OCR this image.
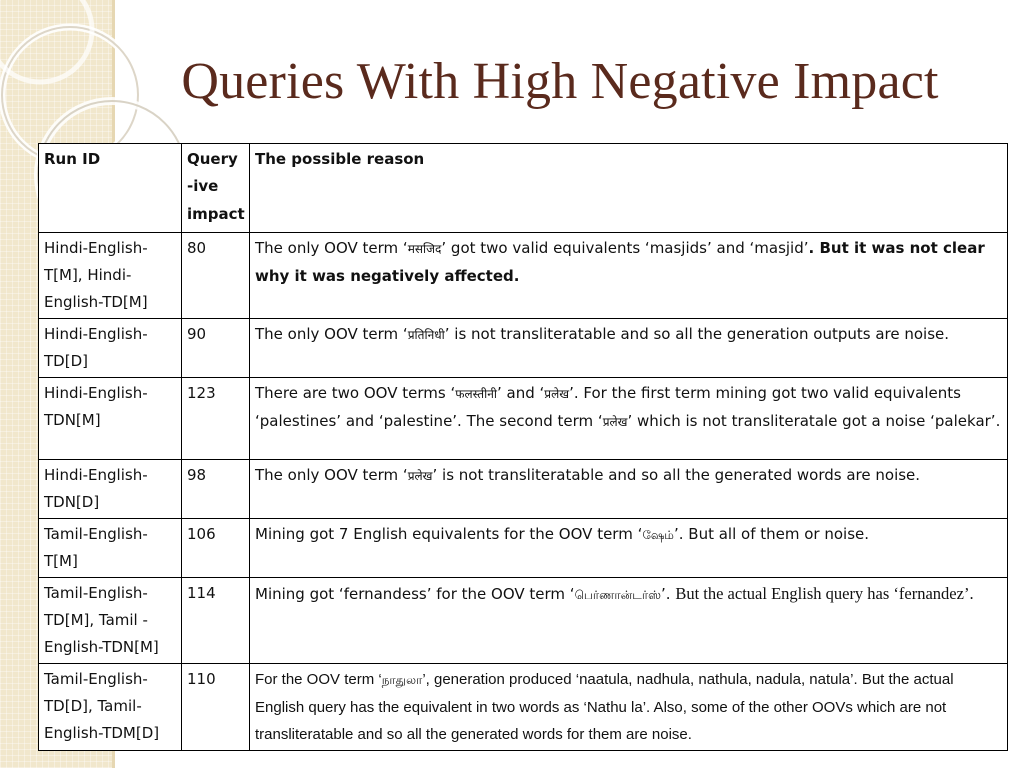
Queries With High Negative Impact
Run ID	Query
-ive
impact	The possible reason
Hindi-English-T[M], Hindi-English-TD[M]	80	The only OOV term ‘मसजिद’ got two valid equivalents ‘masjids’ and ‘masjid’. But it was not clear why it was negatively affected.
Hindi-English-TD[D]	90	The only OOV term ‘प्रतिनिधी’ is not transliteratable and so all the generation outputs are noise.
Hindi-English-TDN[M]	123	There are two OOV terms ‘फलस्तीनी’ and ‘प्रलेख’. For the first term mining got two valid equivalents ‘palestines’ and ‘palestine’. The second term ‘प्रलेख’ which is not transliteratale got a noise ‘palekar’.
Hindi-English-TDN[D]	98	The only OOV term ‘प्रलेख’ is not transliteratable and so all the generated words are noise.
Tamil-English-T[M]	106	Mining got 7 English equivalents for the OOV term ‘ஷேம்’. But all of them or noise.
Tamil-English-TD[M], Tamil -English-TDN[M]	114	Mining got ‘fernandess’ for the OOV term ‘பெர்ணான்டர்ஸ்’. But the actual English query has ‘fernandez’.
Tamil-English-TD[D], Tamil-English-TDM[D]	110	For the OOV term ‘நாதுலா’, generation produced ‘naatula, nadhula, nathula, nadula, natula’. But the actual English query has the equivalent in two words as ‘Nathu la’. Also, some of the other OOVs which are not transliteratable and so all the generated words for them are noise.
